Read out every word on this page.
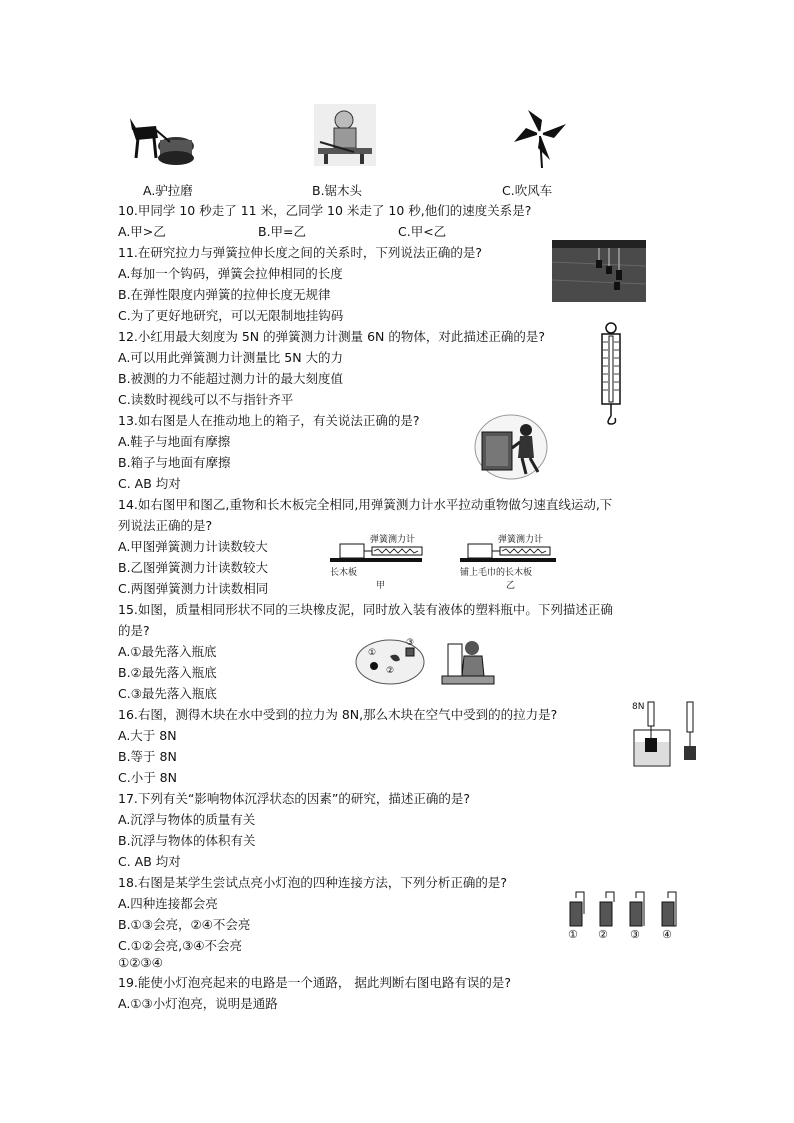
A.驴拉磨	B.锯木头	C.吹风车
10.甲同学 10 秒走了 11 米，乙同学 10 米走了 10 秒,他们的速度关系是?
A.甲>乙	B.甲=乙	C.甲<乙
11.在研究拉力与弹簧拉伸长度之间的关系时，下列说法正确的是?
A.每加一个钩码，弹簧会拉伸相同的长度
B.在弹性限度内弹簧的拉伸长度无规律
C.为了更好地研究，可以无限制地挂钩码
12.小红用最大刻度为 5N 的弹簧测力计测量 6N 的物体，对此描述正确的是?
A.可以用此弹簧测力计测量比 5N 大的力
B.被测的力不能超过测力计的最大刻度值
C.读数时视线可以不与指针齐平
13.如右图是人在推动地上的箱子，有关说法正确的是?
A.鞋子与地面有摩擦
B.箱子与地面有摩擦
C. AB 均对
14.如右图甲和图乙,重物和长木板完全相同,用弹簧测力计水平拉动重物做匀速直线运动,下
列说法正确的是?
A.甲图弹簧测力计读数较大
B.乙图弹簧测力计读数较大
C.两图弹簧测力计读数相同
15.如图，质量相同形状不同的三块橡皮泥，同时放入装有液体的塑料瓶中。下列描述正确
的是?
A.①最先落入瓶底
B.②最先落入瓶底
C.③最先落入瓶底
16.右图，测得木块在水中受到的拉力为 8N,那么木块在空气中受到的的拉力是?
A.大于 8N
B.等于 8N
C.小于 8N
17.下列有关“影响物体沉浮状态的因素”的研究，描述正确的是?
A.沉浮与物体的质量有关
B.沉浮与物体的体积有关
C. AB 均对
18.右图是某学生尝试点亮小灯泡的四种连接方法，下列分析正确的是?
A.四种连接都会亮
B.①③会亮，②④不会亮
C.①②会亮,③④不会亮
①②③④
19.能使小灯泡亮起来的电路是一个通路， 据此判断右图电路有误的是?
A.①③小灯泡亮，说明是通路
弹簧测力计	弹簧测力计
长木板
甲
铺上毛巾的长木板
乙
①
②
③
8N
① ② ③ ④
